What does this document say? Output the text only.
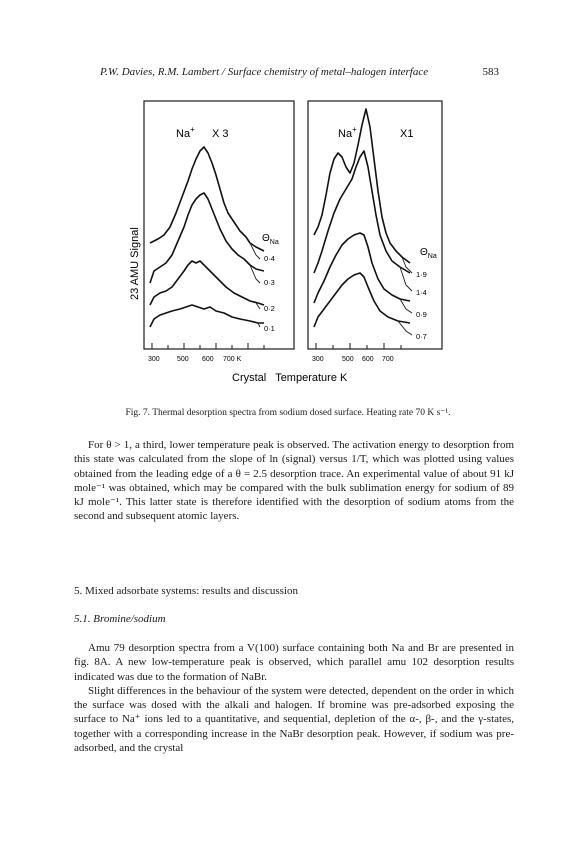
P.W. Davies, R.M. Lambert / Surface chemistry of metal–halogen interface	583
Na+ X 3
$\Theta_{Na}$
0·4
0·3
0·2
0·1
300 500 600 700 K
Na+	X1
$\Theta_{Na}$
1·9
1·4
0·9
0·7
300	500 600 700
23 AMU Signal
Crystal   Temperature K
Fig. 7. Thermal desorption spectra from sodium dosed surface. Heating rate 70 K s⁻¹.

For θ > 1, a third, lower temperature peak is observed. The activation energy to desorption from this state was calculated from the slope of ln (signal) versus 1/T, which was plotted using values obtained from the leading edge of a θ = 2.5 desorption trace. An experimental value of about 91 kJ mole⁻¹ was obtained, which may be compared with the bulk sublimation energy for sodium of 89 kJ mole⁻¹. This latter state is therefore identified with the desorption of sodium atoms from the second and subsequent atomic layers.

5. Mixed adsorbate systems: results and discussion
5.1. Bromine/sodium

Amu 79 desorption spectra from a V(100) surface containing both Na and Br are presented in fig. 8A. A new low-temperature peak is observed, which parallel amu 102 desorption results indicated was due to the formation of NaBr.

Slight differences in the behaviour of the system were detected, dependent on the order in which the surface was dosed with the alkali and halogen. If bromine was pre-adsorbed exposing the surface to Na⁺ ions led to a quantitative, and sequential, depletion of the α-, β-, and the γ-states, together with a corresponding increase in the NaBr desorption peak. However, if sodium was pre-adsorbed, and the crystal
